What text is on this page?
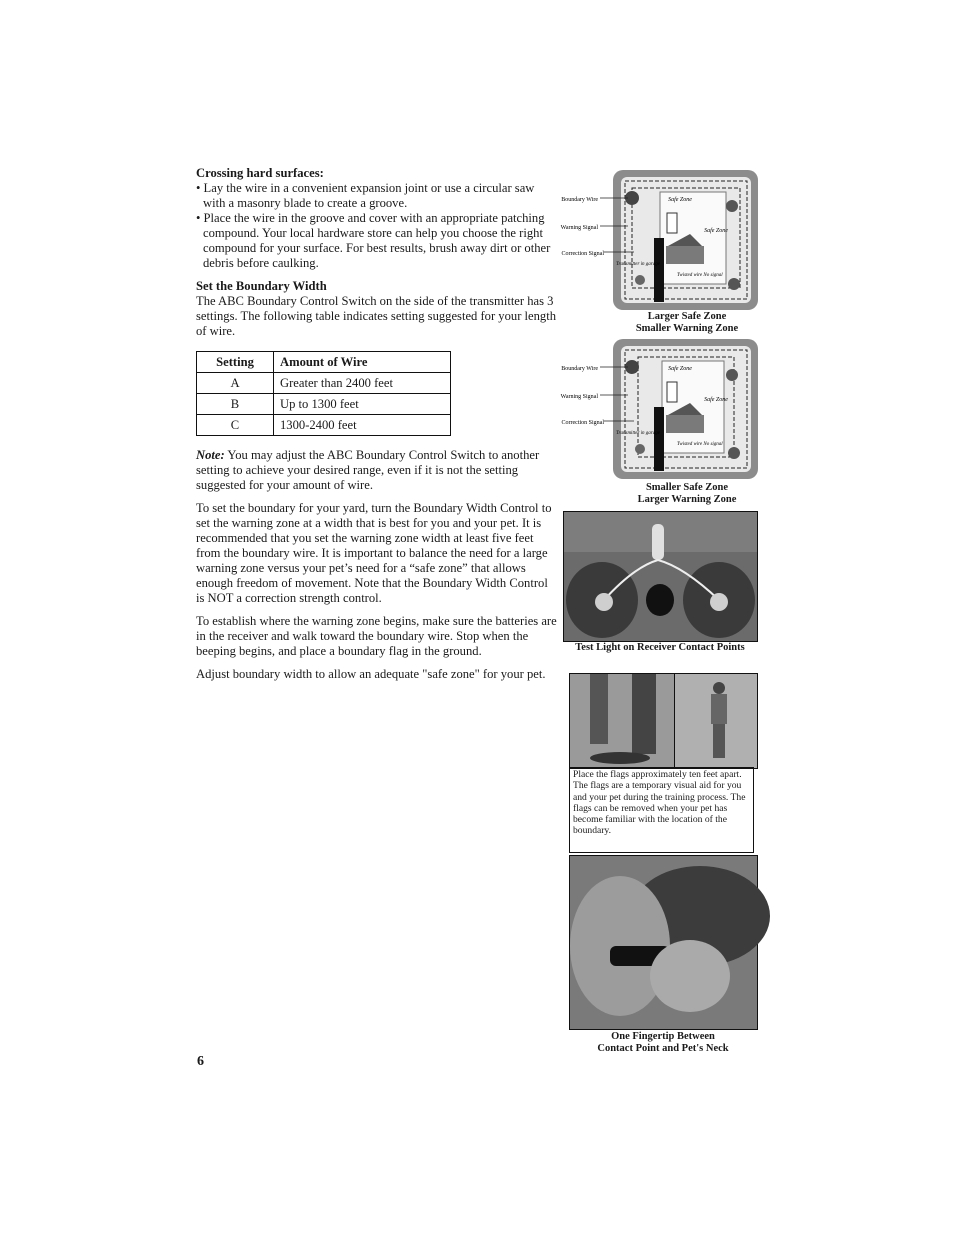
Crossing hard surfaces:

• Lay the wire in a convenient expansion joint or use a circular saw with a masonry blade to create a groove.

• Place the wire in the groove and cover with an appropriate patching compound. Your local hardware store can help you choose the right compound for your surface. For best results, brush away dirt or other debris before caulking.

Set the Boundary Width

The ABC Boundary Control Switch on the side of the transmitter has 3 settings. The following table indicates setting suggested for your length of wire.

Setting	Amount of Wire
A	Greater than 2400 feet
B	Up to 1300 feet
C	1300-2400 feet

Note: You may adjust the ABC Boundary Control Switch to another setting to achieve your desired range, even if it is not the setting suggested for your amount of wire.

To set the boundary for your yard, turn the Boundary Width Control to set the warning zone at a width that is best for you and your pet. It is recommended that you set the warning zone width at least five feet from the boundary wire. It is important to balance the need for a large warning zone versus your pet’s need for a “safe zone” that allows enough freedom of movement. Note that the Boundary Width Control is NOT a correction strength control.

To establish where the warning zone begins, make sure the batteries are in the receiver and walk toward the boundary wire. Stop when the beeping begins, and place a boundary flag in the ground.

Adjust boundary width to allow an adequate "safe zone" for your pet.

6
Boundary Wire
Warning Signal
Correction Signal
Safe Zone
Safe Zone
Transmitter in garage
Twisted wire No signal
Larger Safe Zone
Smaller Warning Zone
Boundary Wire
Warning Signal
Correction Signal
Safe Zone
Safe Zone
Transmitter in garage
Twisted wire No signal
Smaller Safe Zone
Larger Warning Zone
Test Light on Receiver Contact Points
Place the flags approximately ten feet apart. The flags are a temporary visual aid for you and your pet during the training process. The flags can be removed when your pet has become familiar with the location of the boundary.
One Fingertip Between
Contact Point and Pet's Neck
